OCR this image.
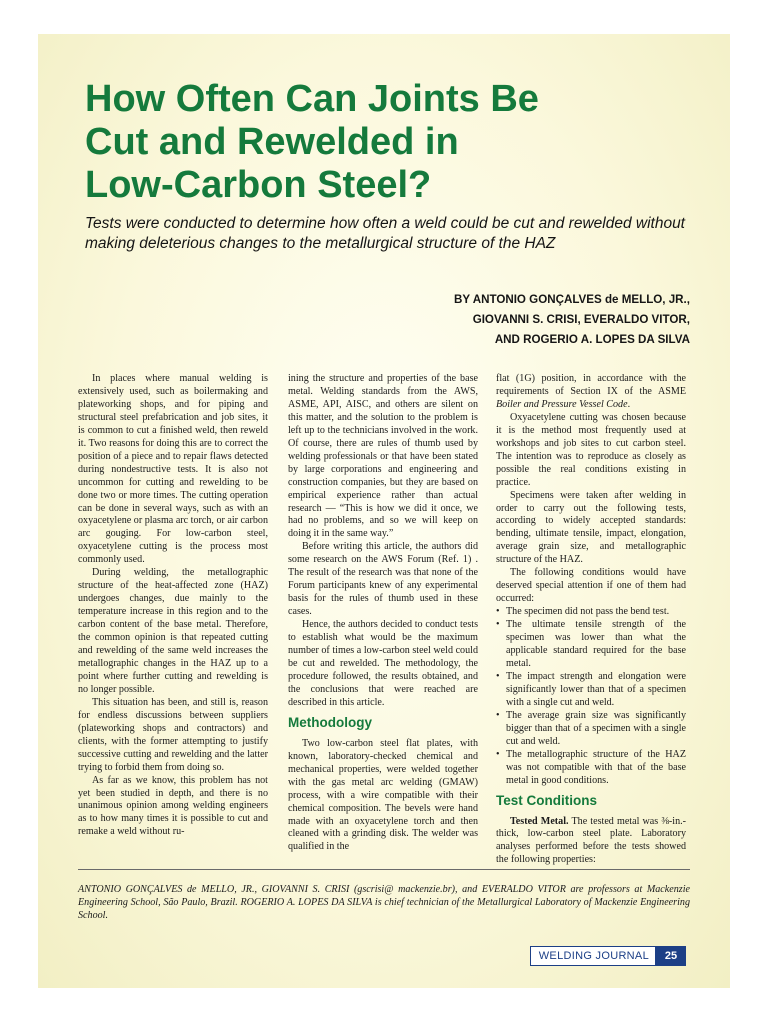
How Often Can Joints Be
Cut and Rewelded in
Low-Carbon Steel?

Tests were conducted to determine how often a weld could be cut and rewelded without making deleterious changes to the metallurgical structure of the HAZ

BY ANTONIO GONÇALVES de MELLO, JR.,
GIOVANNI S. CRISI, EVERALDO VITOR,
AND ROGERIO A. LOPES DA SILVA

In places where manual welding is extensively used, such as boilermaking and plateworking shops, and for piping and structural steel prefabrication and job sites, it is common to cut a finished weld, then reweld it. Two reasons for doing this are to correct the position of a piece and to repair flaws detected during nondestructive tests. It is also not uncommon for cutting and rewelding to be done two or more times. The cutting operation can be done in several ways, such as with an oxyacetylene or plasma arc torch, or air carbon arc gouging. For low-carbon steel, oxyacetylene cutting is the process most commonly used.

During welding, the metallographic structure of the heat-affected zone (HAZ) undergoes changes, due mainly to the temperature increase in this region and to the carbon content of the base metal. Therefore, the common opinion is that repeated cutting and rewelding of the same weld increases the metallographic changes in the HAZ up to a point where further cutting and rewelding is no longer possible.

This situation has been, and still is, reason for endless discussions between suppliers (plateworking shops and contractors) and clients, with the former attempting to justify successive cutting and rewelding and the latter trying to forbid them from doing so.

As far as we know, this problem has not yet been studied in depth, and there is no unanimous opinion among welding engineers as to how many times it is possible to cut and remake a weld without ru-

ining the structure and properties of the base metal. Welding standards from the AWS, ASME, API, AISC, and others are silent on this matter, and the solution to the problem is left up to the technicians involved in the work. Of course, there are rules of thumb used by welding professionals or that have been stated by large corporations and engineering and construction companies, but they are based on empirical experience rather than actual research — “This is how we did it once, we had no problems, and so we will keep on doing it in the same way.”

Before writing this article, the authors did some research on the AWS Forum (Ref. 1) . The result of the research was that none of the Forum participants knew of any experimental basis for the rules of thumb used in these cases.

Hence, the authors decided to conduct tests to establish what would be the maximum number of times a low-carbon steel weld could be cut and rewelded. The methodology, the procedure followed, the results obtained, and the conclusions that were reached are described in this article.

Methodology

Two low-carbon steel flat plates, with known, laboratory-checked chemical and mechanical properties, were welded together with the gas metal arc welding (GMAW) process, with a wire compatible with their chemical composition. The bevels were hand made with an oxyacetylene torch and then cleaned with a grinding disk. The welder was qualified in the

flat (1G) position, in accordance with the requirements of Section IX of the ASME Boiler and Pressure Vessel Code.

Oxyacetylene cutting was chosen because it is the method most frequently used at workshops and job sites to cut carbon steel. The intention was to reproduce as closely as possible the real conditions existing in practice.

Specimens were taken after welding in order to carry out the following tests, according to widely accepted standards: bending, ultimate tensile, impact, elongation, average grain size, and metallographic structure of the HAZ.

The following conditions would have deserved special attention if one of them had occurred:

• The specimen did not pass the bend test.
• The ultimate tensile strength of the specimen was lower than what the applicable standard required for the base metal.
• The impact strength and elongation were significantly lower than that of a specimen with a single cut and weld.
• The average grain size was significantly bigger than that of a specimen with a single cut and weld.
• The metallographic structure of the HAZ was not compatible with that of the base metal in good conditions.
Test Conditions

Tested Metal. The tested metal was ⅜-in.-thick, low-carbon steel plate. Laboratory analyses performed before the tests showed the following properties:

ANTONIO GONÇALVES de MELLO, JR., GIOVANNI S. CRISI (gscrisi@ mackenzie.br), and EVERALDO VITOR are professors at Mackenzie Engineering School, São Paulo, Brazil. ROGERIO A. LOPES DA SILVA is chief technician of the Metallurgical Laboratory of Mackenzie Engineering School.

WELDING JOURNAL	25
